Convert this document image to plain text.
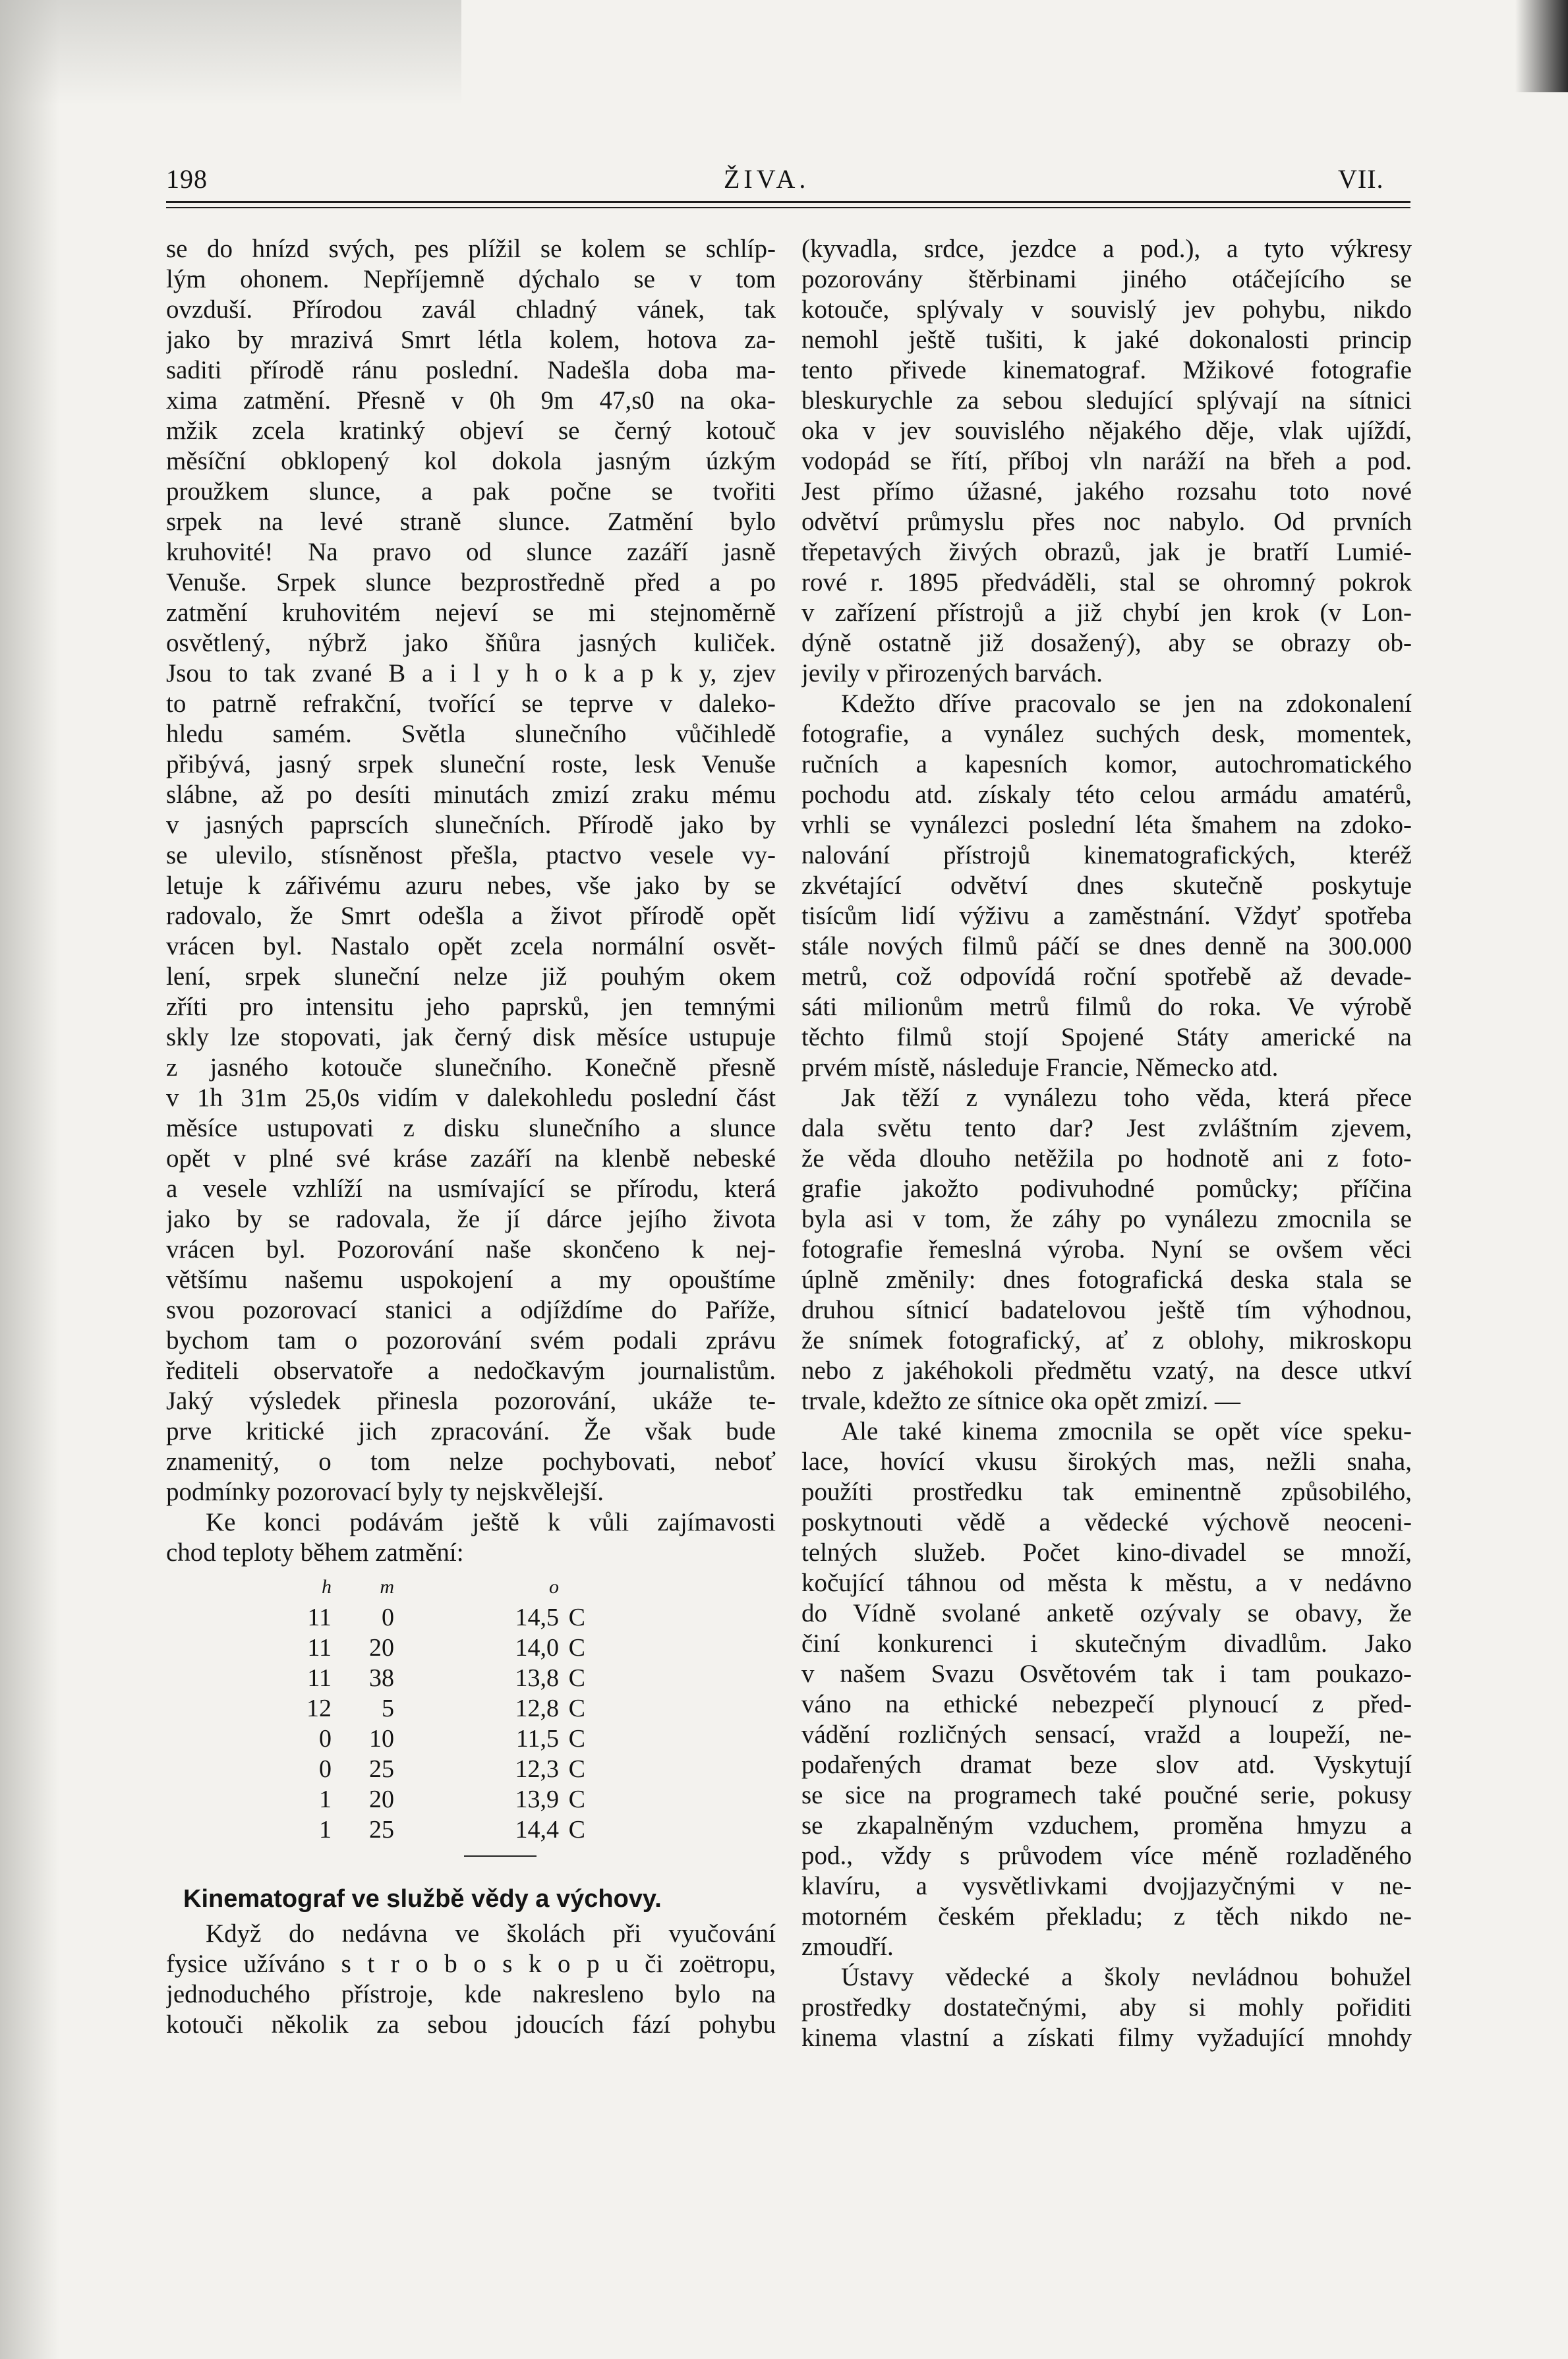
198	ŽIVA.	VII.
se do hnízd svých, pes plížil se kolem se schlíp-
lým ohonem. Nepříjemně dýchalo se v tom
ovzduší. Přírodou zavál chladný vánek, tak
jako by mrazivá Smrt létla kolem, hotova za-
saditi přírodě ránu poslední. Nadešla doba ma-
xima zatmění. Přesně v 0h 9m 47,s0 na oka-
mžik zcela kratinký objeví se černý kotouč
měsíční obklopený kol dokola jasným úzkým
proužkem slunce, a pak počne se tvořiti
srpek na levé straně slunce. Zatmění bylo
kruhovité! Na pravo od slunce zazáří jasně
Venuše. Srpek slunce bezprostředně před a po
zatmění kruhovitém nejeví se mi stejnoměrně
osvětlený, nýbrž jako šňůra jasných kuliček.
Jsou to tak zvané B a i l y h o k a p k y, zjev
to patrně refrakční, tvořící se teprve v daleko-
hledu samém. Světla slunečního vůčihledě
přibývá, jasný srpek sluneční roste, lesk Venuše
slábne, až po desíti minutách zmizí zraku mému
v jasných paprscích slunečních. Přírodě jako by
se ulevilo, stísněnost přešla, ptactvo vesele vy-
letuje k zářivému azuru nebes, vše jako by se
radovalo, že Smrt odešla a život přírodě opět
vrácen byl. Nastalo opět zcela normální osvět-
lení, srpek sluneční nelze již pouhým okem
zříti pro intensitu jeho paprsků, jen temnými
skly lze stopovati, jak černý disk měsíce ustupuje
z jasného kotouče slunečního. Konečně přesně
v 1h 31m 25,0s vidím v dalekohledu poslední část
měsíce ustupovati z disku slunečního a slunce
opět v plné své kráse zazáří na klenbě nebeské
a vesele vzhlíží na usmívající se přírodu, která
jako by se radovala, že jí dárce jejího života
vrácen byl. Pozorování naše skončeno k nej-
většímu našemu uspokojení a my opouštíme
svou pozorovací stanici a odjíždíme do Paříže,
bychom tam o pozorování svém podali zprávu
řediteli observatoře a nedočkavým journalistům.
Jaký výsledek přinesla pozorování, ukáže te-
prve kritické jich zpracování. Že však bude
znamenitý, o tom nelze pochybovati, neboť
podmínky pozorovací byly ty nejskvělejší.
Ke konci podávám ještě k vůli zajímavosti
chod teploty během zatmění:
h	m		o	
11	0		14,5	C
11	20		14,0	C
11	38		13,8	C
12	5		12,8	C
0	10		11,5	C
0	25		12,3	C
1	20		13,9	C
1	25		14,4	C
Kinematograf ve službě vědy a výchovy.
Když do nedávna ve školách při vyučování
fysice užíváno s t r o b o s k o p u či zoëtropu,
jednoduchého přístroje, kde nakresleno bylo na
kotouči několik za sebou jdoucích fází pohybu
(kyvadla, srdce, jezdce a pod.), a tyto výkresy
pozorovány štěrbinami jiného otáčejícího se
kotouče, splývaly v souvislý jev pohybu, nikdo
nemohl ještě tušiti, k jaké dokonalosti princip
tento přivede kinematograf. Mžikové fotografie
bleskurychle za sebou sledující splývají na sítnici
oka v jev souvislého nějakého děje, vlak ujíždí,
vodopád se řítí, příboj vln naráží na břeh a pod.
Jest přímo úžasné, jakého rozsahu toto nové
odvětví průmyslu přes noc nabylo. Od prvních
třepetavých živých obrazů, jak je bratří Lumié-
rové r. 1895 předváděli, stal se ohromný pokrok
v zařízení přístrojů a již chybí jen krok (v Lon-
dýně ostatně již dosažený), aby se obrazy ob-
jevily v přirozených barvách.
Kdežto dříve pracovalo se jen na zdokonalení
fotografie, a vynález suchých desk, momentek,
ručních a kapesních komor, autochromatického
pochodu atd. získaly této celou armádu amatérů,
vrhli se vynálezci poslední léta šmahem na zdoko-
nalování přístrojů kinematografických, kteréž
zkvétající odvětví dnes skutečně poskytuje
tisícům lidí výživu a zaměstnání. Vždyť spotřeba
stále nových filmů páčí se dnes denně na 300.000
metrů, což odpovídá roční spotřebě až devade-
sáti milionům metrů filmů do roka. Ve výrobě
těchto filmů stojí Spojené Státy americké na
prvém místě, následuje Francie, Německo atd.
Jak těží z vynálezu toho věda, která přece
dala světu tento dar? Jest zvláštním zjevem,
že věda dlouho netěžila po hodnotě ani z foto-
grafie jakožto podivuhodné pomůcky; příčina
byla asi v tom, že záhy po vynálezu zmocnila se
fotografie řemeslná výroba. Nyní se ovšem věci
úplně změnily: dnes fotografická deska stala se
druhou sítnicí badatelovou ještě tím výhodnou,
že snímek fotografický, ať z oblohy, mikroskopu
nebo z jakéhokoli předmětu vzatý, na desce utkví
trvale, kdežto ze sítnice oka opět zmizí. —
Ale také kinema zmocnila se opět více speku-
lace, hovící vkusu širokých mas, nežli snaha,
použíti prostředku tak eminentně způsobilého,
poskytnouti vědě a vědecké výchově neoceni-
telných služeb. Počet kino-divadel se množí,
kočující táhnou od města k městu, a v nedávno
do Vídně svolané anketě ozývaly se obavy, že
činí konkurenci i skutečným divadlům. Jako
v našem Svazu Osvětovém tak i tam poukazo-
váno na ethické nebezpečí plynoucí z před-
vádění rozličných sensací, vražd a loupeží, ne-
podařených dramat beze slov atd. Vyskytují
se sice na programech také poučné serie, pokusy
se zkapalněným vzduchem, proměna hmyzu a
pod., vždy s průvodem více méně rozladěného
klavíru, a vysvětlivkami dvojjazyčnými v ne-
motorném českém překladu; z těch nikdo ne-
zmoudří.
Ústavy vědecké a školy nevládnou bohužel
prostředky dostatečnými, aby si mohly pořiditi
kinema vlastní a získati filmy vyžadující mnohdy
